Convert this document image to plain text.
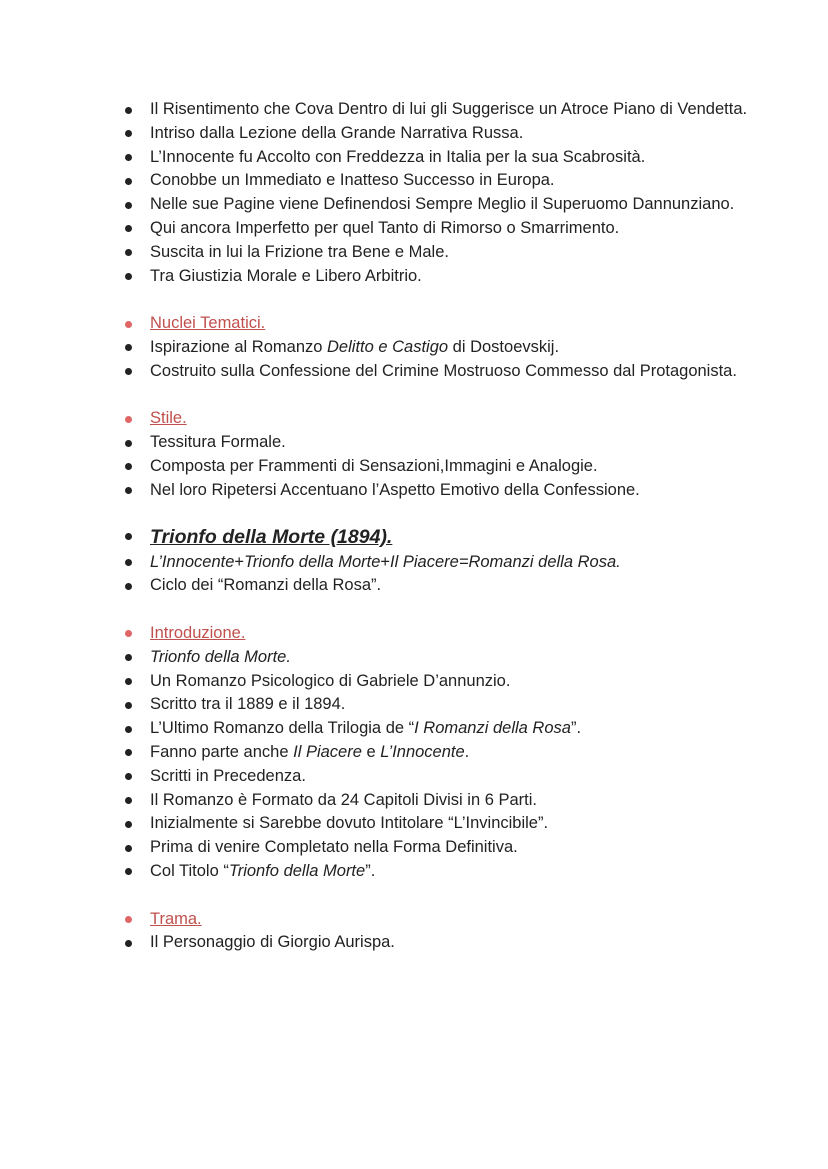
Il Risentimento che Cova Dentro di lui gli Suggerisce un Atroce Piano di Vendetta.
Intriso dalla Lezione della Grande Narrativa Russa.
L’Innocente fu Accolto con Freddezza in Italia per la sua Scabrosità.
Conobbe un Immediato e Inatteso Successo in Europa.
Nelle sue Pagine viene Definendosi Sempre Meglio il Superuomo Dannunziano.
Qui ancora Imperfetto per quel Tanto di Rimorso o Smarrimento.
Suscita in lui la Frizione tra Bene e Male.
Tra Giustizia Morale e Libero Arbitrio.
Nuclei Tematici.
Ispirazione al Romanzo Delitto e Castigo di Dostoevskij.
Costruito sulla Confessione del Crimine Mostruoso Commesso dal Protagonista.
Stile.
Tessitura Formale.
Composta per Frammenti di Sensazioni,Immagini e Analogie.
Nel loro Ripetersi Accentuano l’Aspetto Emotivo della Confessione.
Trionfo della Morte (1894).
L’Innocente+Trionfo della Morte+Il Piacere=Romanzi della Rosa.
Ciclo dei “Romanzi della Rosa”.
Introduzione.
Trionfo della Morte.
Un Romanzo Psicologico di Gabriele D’annunzio.
Scritto tra il 1889 e il 1894.
L’Ultimo Romanzo della Trilogia de “I Romanzi della Rosa”.
Fanno parte anche Il Piacere e L’Innocente.
Scritti in Precedenza.
Il Romanzo è Formato da 24 Capitoli Divisi in 6 Parti.
Inizialmente si Sarebbe dovuto Intitolare “L’Invincibile”.
Prima di venire Completato nella Forma Definitiva.
Col Titolo “Trionfo della Morte”.
Trama.
Il Personaggio di Giorgio Aurispa.
